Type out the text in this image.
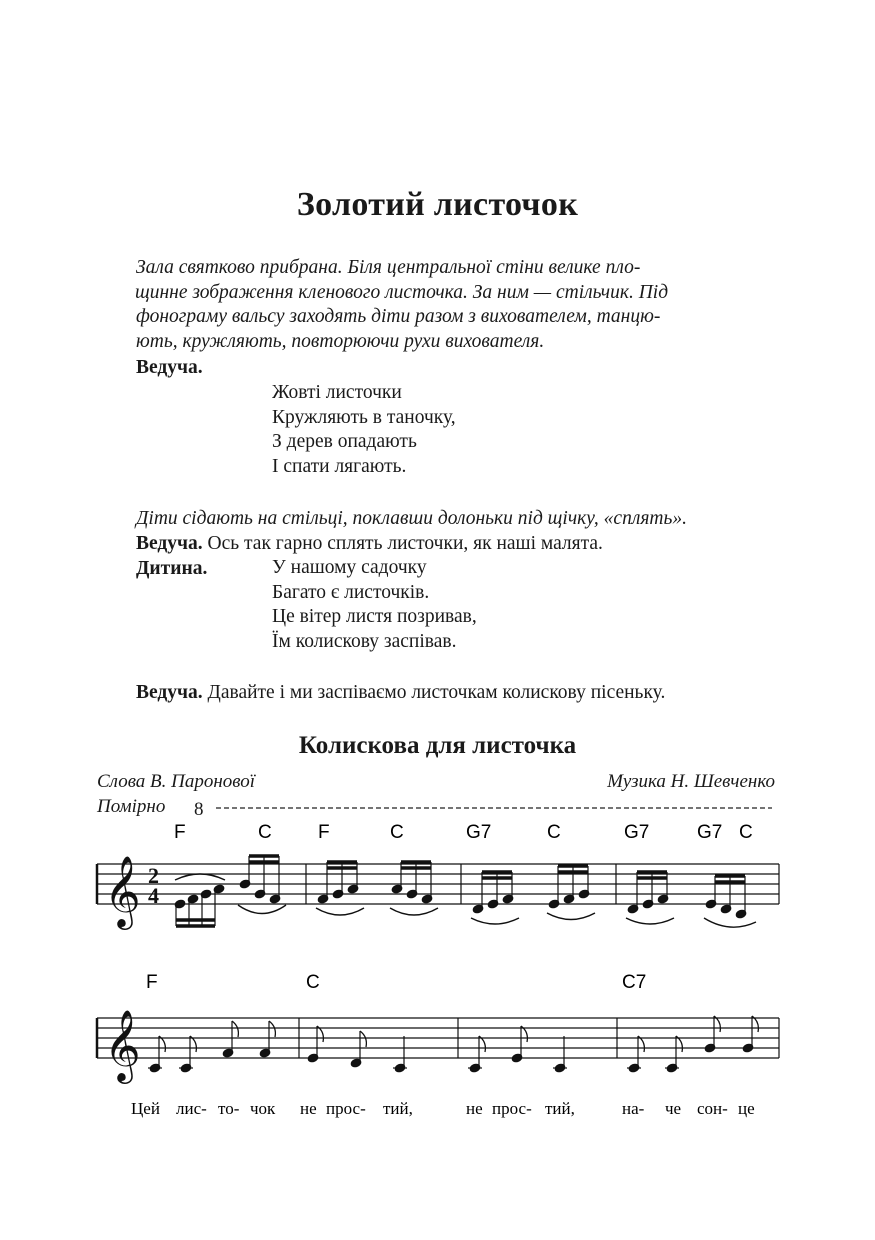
Золотий листочок
Зала святково прибрана. Біля центральної стіни велике пло-
щинне зображення кленового листочка. За ним — стільчик. Під
фонограму вальсу заходять діти разом з вихователем, танцю-
ють, кружляють, повторюючи рухи вихователя.
Ведуча.
Жовті листочки
Кружляють в таночку,
З дерев опадають
І спати лягають.
Діти сідають на стільці, поклавши долоньки під щічку, «сплять».
Ведуча. Ось так гарно сплять листочки, як наші малята.
Дитина.	У нашому садочку
Багато є листочків.
Це вітер листя позривав,
Їм колискову заспівав.
Ведуча. Давайте і ми заспіваємо листочкам колискову пісеньку.
Колискова для листочка
Слова В. Паронової	Музика Н. Шевченко
Помірно 8
F	C F	C	G7	C	G7	G7 C
𝄞 2
4
F	C	C7
𝄞
Цей лис- то- чок не прос- тий,	не прос- тий,	на- че сон- це
